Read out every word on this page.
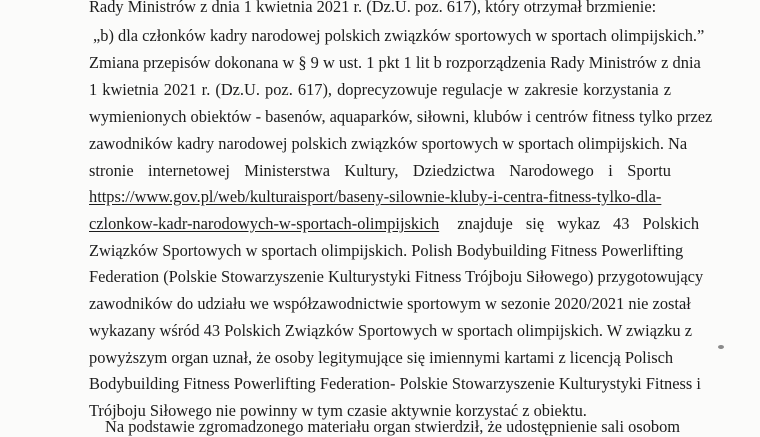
Rady Ministrów z dnia 1 kwietnia 2021 r. (Dz.U. poz. 617), który otrzymał brzmienie:
„b) dla członków kadry narodowej polskich związków sportowych w sportach olimpijskich.”
Zmiana przepisów dokonana w § 9 w ust. 1 pkt 1 lit b rozporządzenia Rady Ministrów z dnia
1 kwietnia 2021 r. (Dz.U. poz. 617), doprecyzowuje regulacje w zakresie korzystania z
wymienionych obiektów - basenów, aquaparków, siłowni, klubów i centrów fitness tylko przez
zawodników kadry narodowej polskich związków sportowych w sportach olimpijskich. Na
stronie internetowej Ministerstwa Kultury, Dziedzictwa Narodowego i Sportu
https://www.gov.pl/web/kulturaisport/baseny-silownie-kluby-i-centra-fitness-tylko-dla-
czlonkow-kadr-narodowych-w-sportach-olimpijskich znajduje się wykaz 43 Polskich
Związków Sportowych w sportach olimpijskich. Polish Bodybuilding Fitness Powerlifting
Federation (Polskie Stowarzyszenie Kulturystyki Fitness Trójboju Siłowego) przygotowujący
zawodników do udziału we współzawodnictwie sportowym w sezonie 2020/2021 nie został
wykazany wśród 43 Polskich Związków Sportowych w sportach olimpijskich. W związku z
powyższym organ uznał, że osoby legitymujące się imiennymi kartami z licencją Polisch
Bodybuilding Fitness Powerlifting Federation- Polskie Stowarzyszenie Kulturystyki Fitness i
Trójboju Siłowego nie powinny w tym czasie aktywnie korzystać z obiektu.
Na podstawie zgromadzonego materiału organ stwierdził, że udostępnienie sali osobom
